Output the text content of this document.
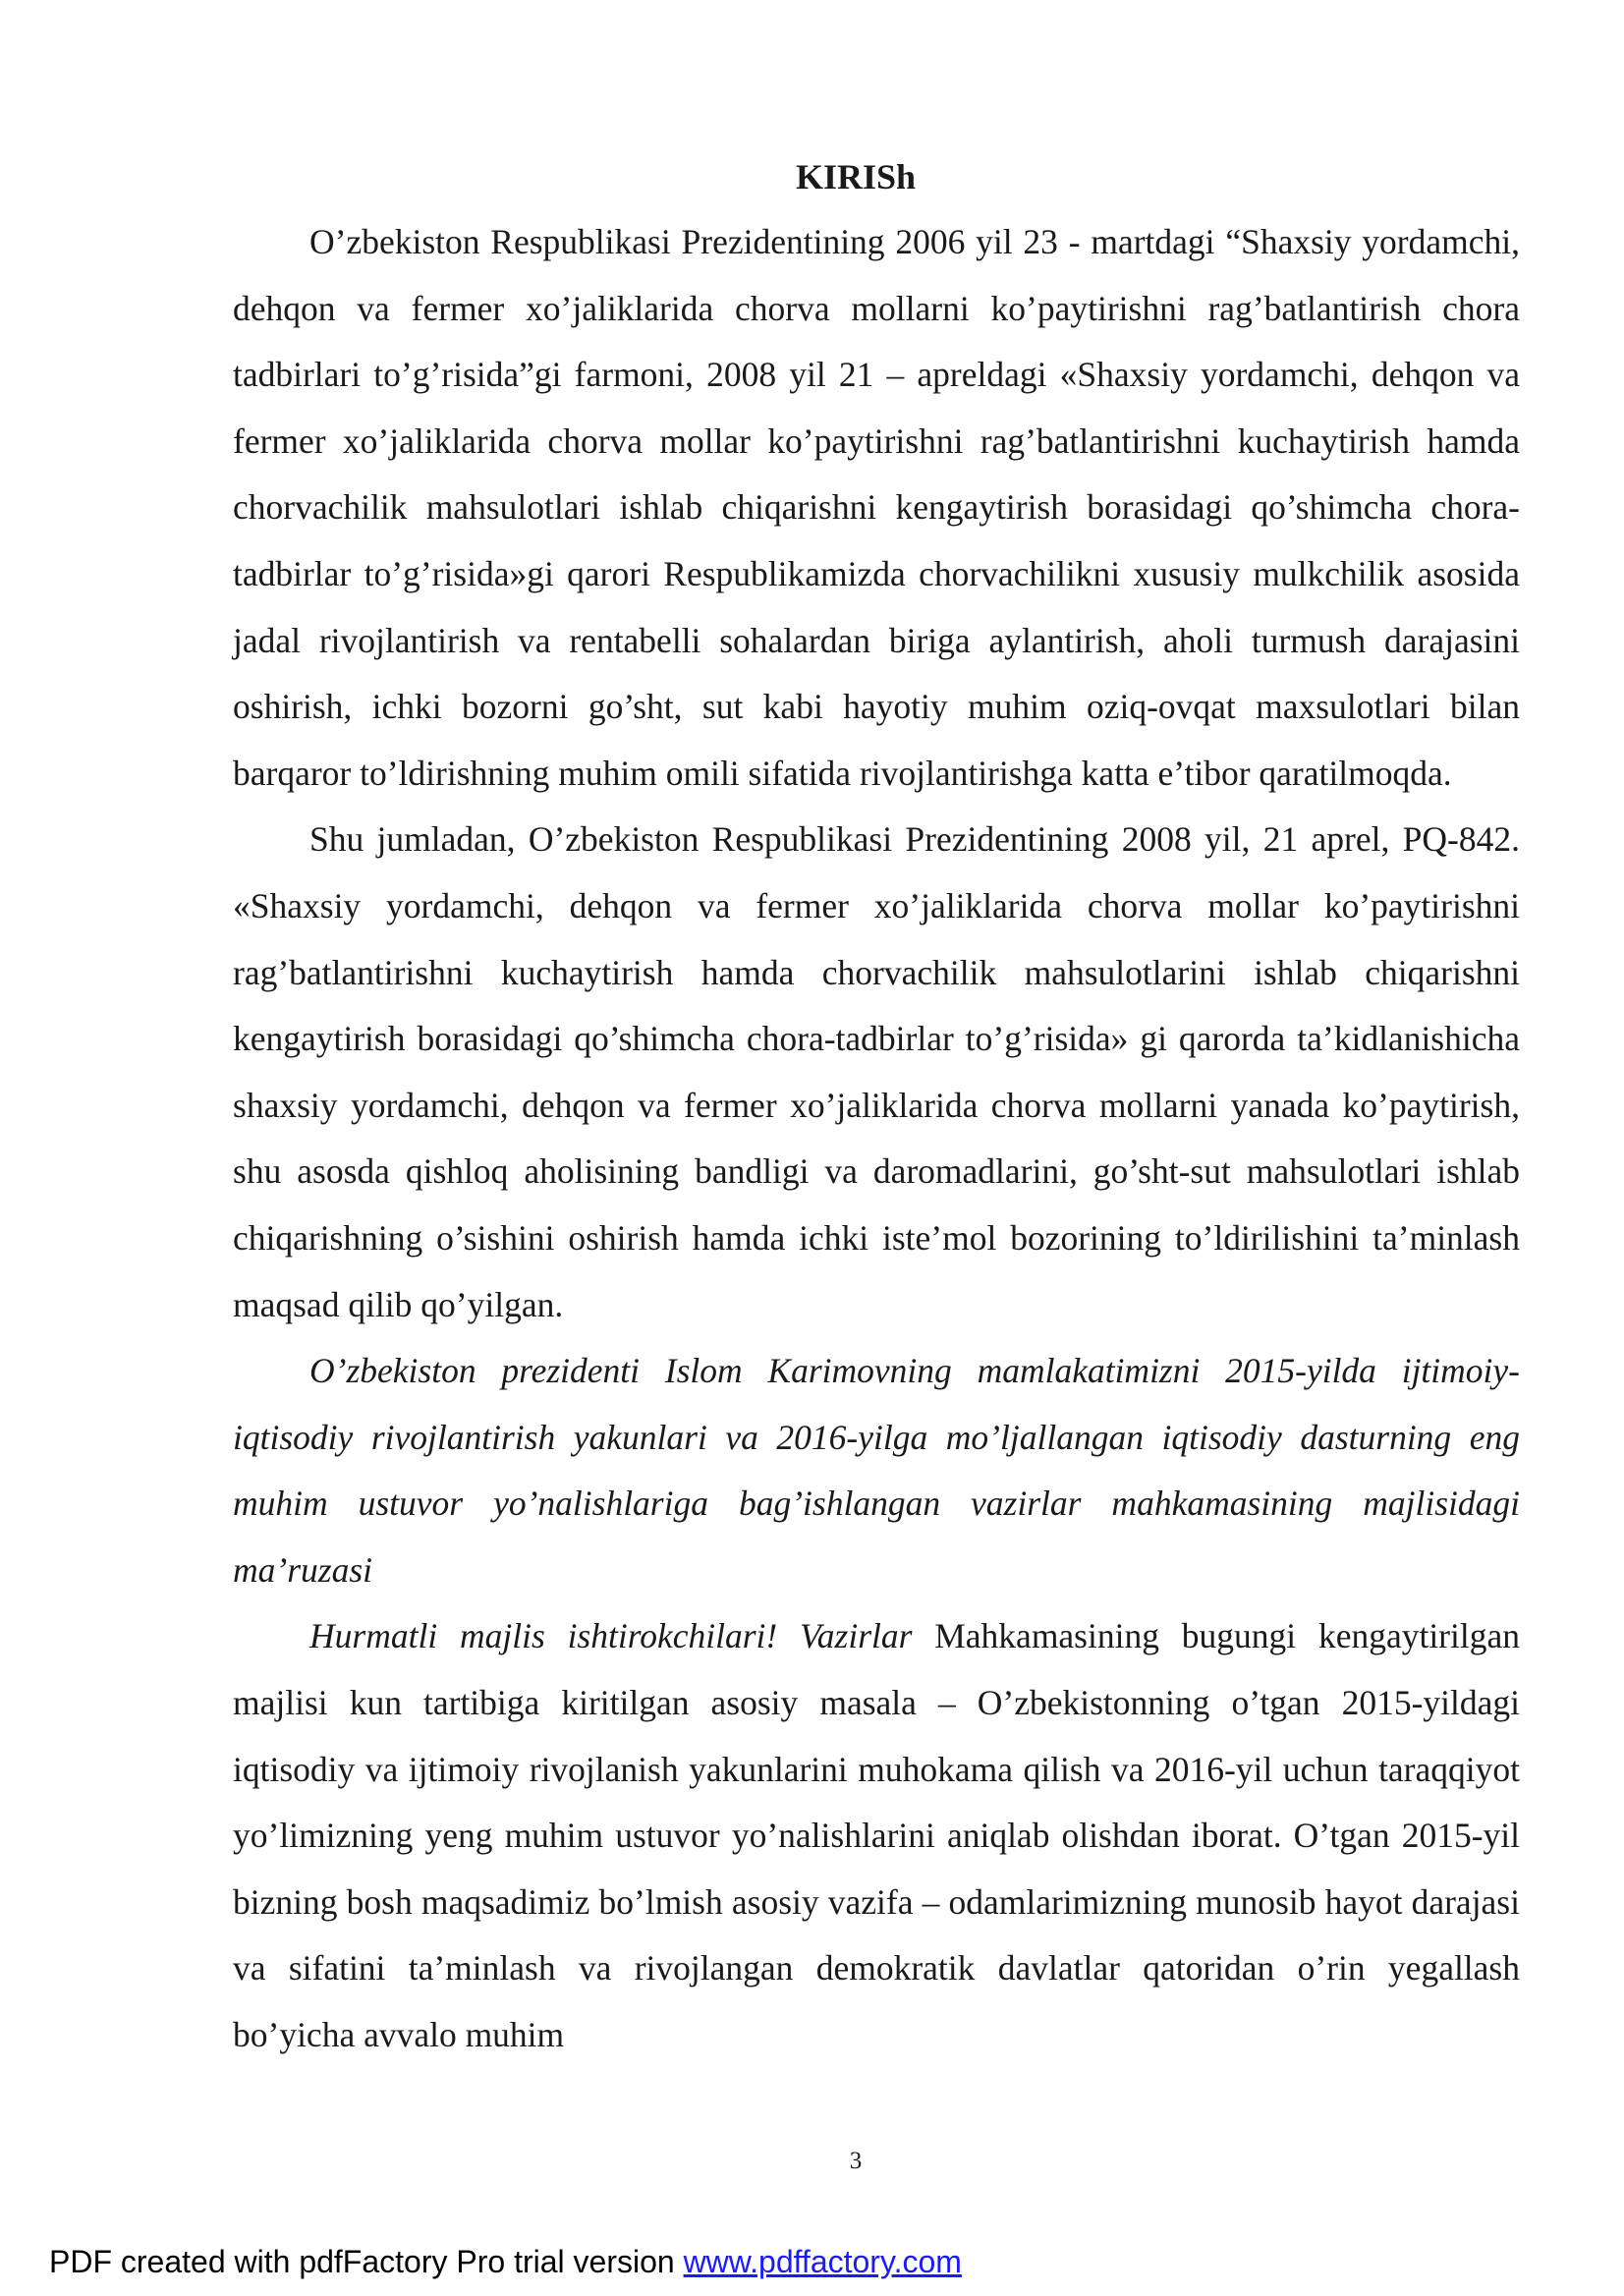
KIRISh

O’zbekiston Respublikasi Prezidentining 2006 yil 23 - martdagi “Shaxsiy yordamchi, dehqon va fermer xo’jaliklarida chorva mollarni ko’paytirishni rag’batlantirish chora tadbirlari to’g’risida”gi farmoni, 2008 yil 21 – apreldagi «Shaxsiy yordamchi, dehqon va fermer xo’jaliklarida chorva mollar ko’paytirishni rag’batlantirishni kuchaytirish hamda chorvachilik mahsulotlari ishlab chiqarishni kengaytirish borasidagi qo’shimcha chora-tadbirlar to’g’risida»gi qarori Respublikamizda chorvachilikni xususiy mulkchilik asosida jadal rivojlantirish va rentabelli sohalardan biriga aylantirish, aholi turmush darajasini oshirish, ichki bozorni go’sht, sut kabi hayotiy muhim oziq-ovqat maxsulotlari bilan barqaror to’ldirishning muhim omili sifatida rivojlantirishga katta e’tibor qaratilmoqda.

Shu jumladan, O’zbekiston Respublikasi Prezidentining 2008 yil, 21 aprel, PQ-842. «Shaxsiy yordamchi, dehqon va fermer xo’jaliklarida chorva mollar ko’paytirishni rag’batlantirishni kuchaytirish hamda chorvachilik mahsulotlarini ishlab chiqarishni kengaytirish borasidagi qo’shimcha chora-tadbirlar to’g’risida» gi qarorda ta’kidlanishicha shaxsiy yordamchi, dehqon va fermer xo’jaliklarida chorva mollarni yanada ko’paytirish, shu asosda qishloq aholisining bandligi va daromadlarini, go’sht-sut mahsulotlari ishlab chiqarishning o’sishini oshirish hamda ichki iste’mol bozorining to’ldirilishini ta’minlash maqsad qilib qo’yilgan.

O’zbekiston prezidenti Islom Karimovning mamlakatimizni 2015-yilda ijtimoiy-iqtisodiy rivojlantirish yakunlari va 2016-yilga mo’ljallangan iqtisodiy dasturning eng muhim ustuvor yo’nalishlariga bag’ishlangan vazirlar mahkamasining majlisidagi ma’ruzasi

Hurmatli majlis ishtirokchilari! Vazirlar Mahkamasining bugungi kengaytirilgan majlisi kun tartibiga kiritilgan asosiy masala – O’zbekistonning o’tgan 2015-yildagi iqtisodiy va ijtimoiy rivojlanish yakunlarini muhokama qilish va 2016-yil uchun taraqqiyot yo’limizning yeng muhim ustuvor yo’nalishlarini aniqlab olishdan iborat. O’tgan 2015-yil bizning bosh maqsadimiz bo’lmish asosiy vazifa – odamlarimizning munosib hayot darajasi va sifatini ta’minlash va rivojlangan demokratik davlatlar qatoridan o’rin yegallash bo’yicha avvalo muhim

3
PDF created with pdfFactory Pro trial version www.pdffactory.com
